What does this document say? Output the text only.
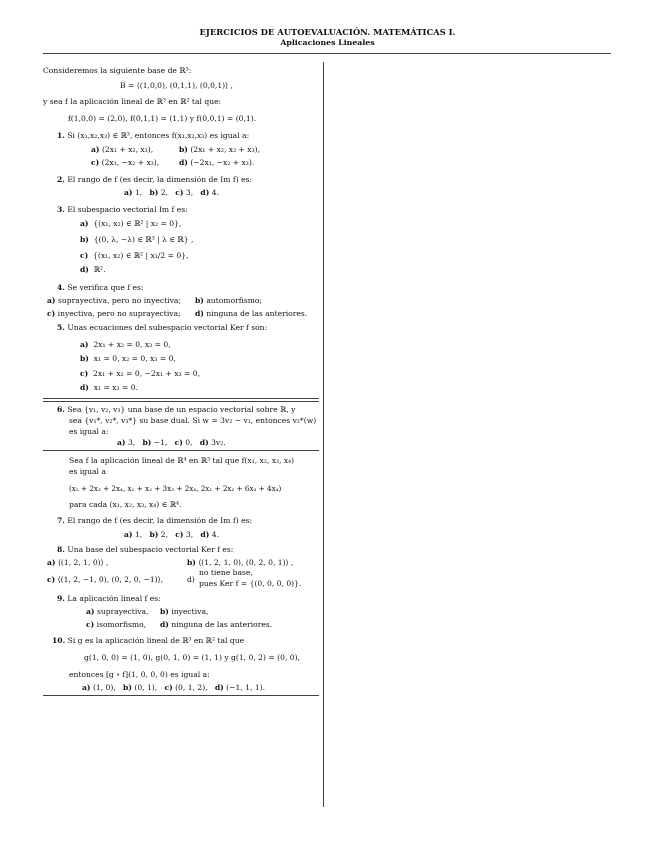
EJERCICIOS DE AUTOEVALUACIÓN. MATEMÁTICAS I.
Aplicaciones Lineales
Consideremos la siguiente base de ℝ³:
B = ⟨(1,0,0), (0,1,1), (0,0,1)⟩ ,
y sea f la aplicación lineal de ℝ³ en ℝ² tal que:
f(1,0,0) = (2,0), f(0,1,1) = (1,1) y f(0,0,1) = (0,1).
1. Si (x₁,x₂,x₃) ∈ ℝ³, entonces f(x₁,x₂,x₃) es igual a:
a) (2x₁ + x₂, x₃),	b) (2x₁ + x₂, x₂ + x₃),
c) (2x₁, −x₂ + x₃),	d) (−2x₁, −x₂ + x₃).
2. El rango de f (es decir, la dimensión de Im f) es:
a) 1, b) 2, c) 3, d) 4.
3. El subespacio vectorial Im f es:
a) {(x₁, x₂) ∈ ℝ² | x₂ = 0},
b) {(0, λ, −λ) ∈ ℝ³ | λ ∈ ℝ} ,
c) {(x₁, x₂) ∈ ℝ² | x₁/2 = 0},
d) ℝ².
4. Se verifica que f es:
a) suprayectiva, pero no inyectiva; b) automorfismo;
c) inyectiva, pero no suprayectiva; d) ninguna de las anteriores.
5. Unas ecuaciones del subespacio vectorial Ker f son:
a) 2x₁ + x₂ = 0, x₃ = 0,
b) x₁ = 0, x₂ = 0, x₃ = 0,
c) 2x₁ + x₂ = 0, −2x₁ + x₃ = 0,
d) x₁ = x₃ = 0.
6. Sea {v₁, v₂, v₃} una base de un espacio vectorial sobre ℝ, y
sea {v₁*, v₂*, v₃*} su base dual. Si w = 3v₂ − v₁, entonces v₂*(w)
es igual a:
a) 3, b) −1, c) 0, d) 3v₂.
Sea f la aplicación lineal de ℝ⁴ en ℝ³ tal que f(x₁, x₂, x₃, x₄)
es igual a
(x₂ + 2x₃ + 2x₄, x₁ + x₂ + 3x₃ + 2x₄, 2x₁ + 2x₂ + 6x₃ + 4x₄)
para cada (x₁, x₂, x₃, x₄) ∈ ℝ⁴.
7. El rango de f (es decir, la dimensión de Im f) es:
a) 1, b) 2, c) 3, d) 4.
8. Una base del subespacio vectorial Ker f es:
a) ⟨(1, 2, 1, 0)⟩ ,	b) ⟨(1, 2, 1, 0), (0, 2, 0, 1)⟩ ,
c) ⟨(1, 2, −1, 0), (0, 2, 0, −1)⟩,	d)
no tiene base,
pues Ker f = {(0, 0, 0, 0)}.
9. La aplicación lineal f es:
a) suprayectiva, b) inyectiva,
c) isomorfismo, d) ninguna de las anteriores.
10. Si g es la aplicación lineal de ℝ³ en ℝ² tal que
g(1, 0, 0) = (1, 0), g(0, 1, 0) = (1, 1) y g(1, 0, 2) = (0, 0),
entonces [g ∘ f](1, 0, 0, 0) es igual a:
a) (1, 0), b) (0, 1), c) (0, 1, 2), d) (−1, 1, 1).
